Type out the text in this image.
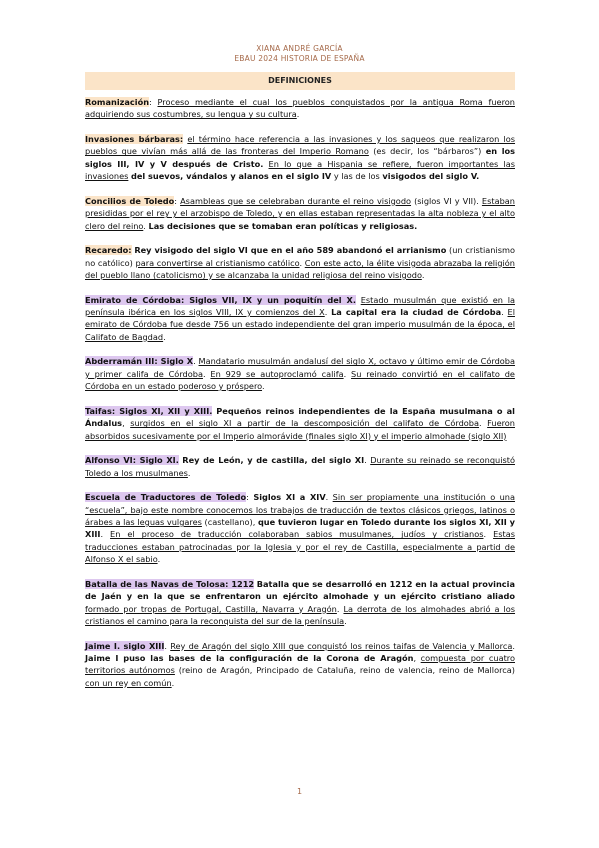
XIANA ANDRÉ GARCÍA
EBAU 2024 HISTORIA DE ESPAÑA
DEFINICIONES

Romanización: Proceso mediante el cual los pueblos conquistados por la antigua Roma fueron adquiriendo sus costumbres, su lengua y su cultura.

Invasiones bárbaras: el término hace referencia a las invasiones y los saqueos que realizaron los pueblos que vivían más allá de las fronteras del Imperio Romano (es decir, los “bárbaros”) en los siglos III, IV y V después de Cristo. En lo que a Hispania se refiere, fueron importantes las invasiones del suevos, vándalos y alanos en el siglo IV y las de los visigodos del siglo V.

Concilios de Toledo: Asambleas que se celebraban durante el reino visigodo (siglos VI y VII). Estaban presididas por el rey y el arzobispo de Toledo, y en ellas estaban representadas la alta nobleza y el alto clero del reino. Las decisiones que se tomaban eran políticas y religiosas.

Recaredo: Rey visigodo del siglo VI que en el año 589 abandonó el arrianismo (un cristianismo no católico) para convertirse al cristianismo católico. Con este acto, la élite visigoda abrazaba la religión del pueblo llano (catolicismo) y se alcanzaba la unidad religiosa del reino visigodo.

Emirato de Córdoba: Siglos VII, IX y un poquitín del X. Estado musulmán que existió en la península ibérica en los siglos VIII, IX y comienzos del X. La capital era la ciudad de Córdoba. El emirato de Córdoba fue desde 756 un estado independiente del gran imperio musulmán de la época, el Califato de Bagdad.

Abderramán III: Siglo X. Mandatario musulmán andalusí del siglo X, octavo y último emir de Córdoba y primer califa de Córdoba. En 929 se autoproclamó califa. Su reinado convirtió en el califato de Córdoba en un estado poderoso y próspero.

Taifas: Siglos XI, XII y XIII. Pequeños reinos independientes de la España musulmana o al Ándalus, surgidos en el siglo XI a partir de la descomposición del califato de Córdoba. Fueron absorbidos sucesivamente por el Imperio almorávide (finales siglo XI) y el imperio almohade (siglo XII)

Alfonso VI: Siglo XI. Rey de León, y de castilla, del siglo XI. Durante su reinado se reconquistó Toledo a los musulmanes.

Escuela de Traductores de Toledo: Siglos XI a XIV. Sin ser propiamente una institución o una “escuela”, bajo este nombre conocemos los trabajos de traducción de textos clásicos griegos, latinos o árabes a las leguas vulgares (castellano), que tuvieron lugar en Toledo durante los siglos XI, XII y XIII. En el proceso de traducción colaboraban sabios musulmanes, judíos y cristianos. Estas traducciones estaban patrocinadas por la Iglesia y por el rey de Castilla, especialmente a partid de Alfonso X el sabio.

Batalla de las Navas de Tolosa: 1212 Batalla que se desarrolló en 1212 en la actual provincia de Jaén y en la que se enfrentaron un ejército almohade y un ejército cristiano aliado formado por tropas de Portugal, Castilla, Navarra y Aragón. La derrota de los almohades abrió a los cristianos el camino para la reconquista del sur de la península.

Jaime I. siglo XIII. Rey de Aragón del siglo XIII que conquistó los reinos taifas de Valencia y Mallorca. Jaime I puso las bases de la configuración de la Corona de Aragón, compuesta por cuatro territorios autónomos (reino de Aragón, Principado de Cataluña, reino de valencia, reino de Mallorca) con un rey en común.

1
